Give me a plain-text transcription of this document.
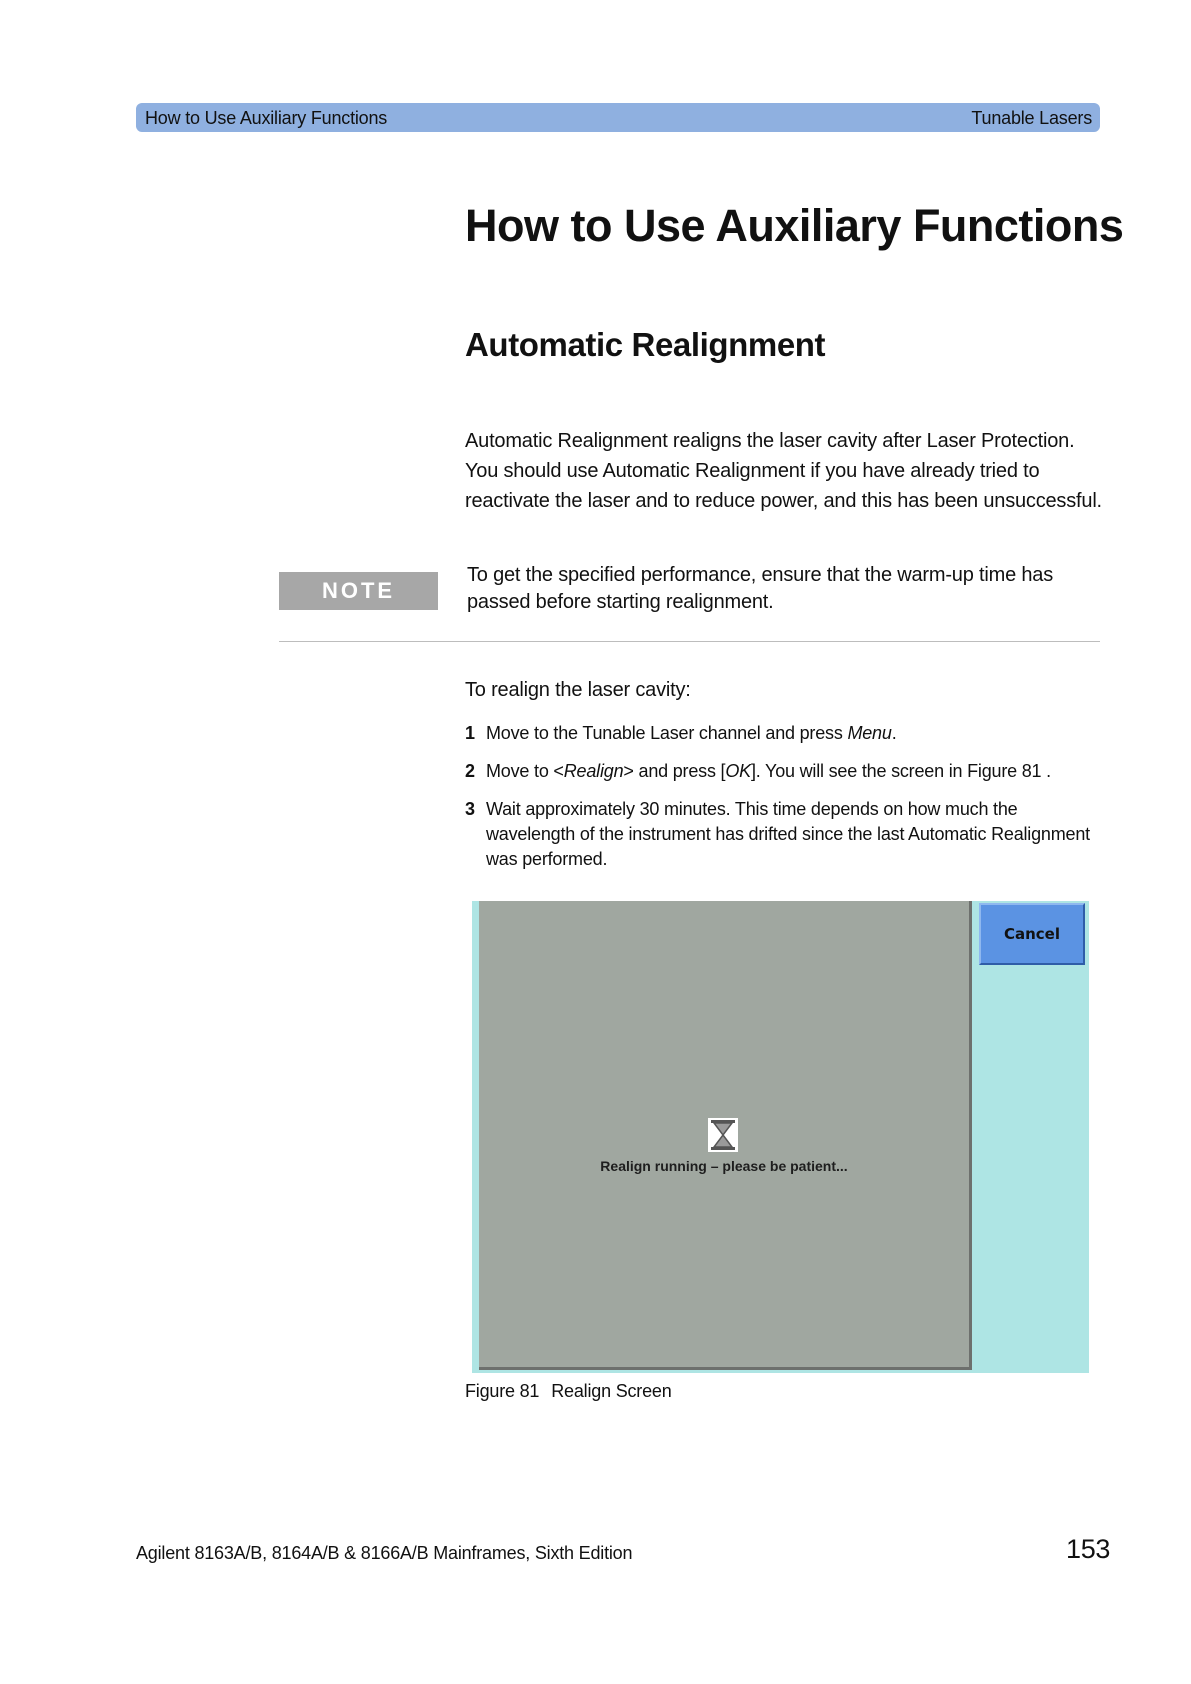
How to Use Auxiliary Functions	Tunable Lasers
How to Use Auxiliary Functions
Automatic Realignment

Automatic Realignment realigns the laser cavity after Laser Protection. You should use Automatic Realignment if you have already tried to reactivate the laser and to reduce power, and this has been unsuccessful.

NOTE

To get the specified performance, ensure that the warm-up time has passed before starting realignment.

To realign the laser cavity:

1 Move to the Tunable Laser channel and press Menu.
2 Move to <Realign> and press [OK]. You will see the screen in Figure 81 .
3 Wait approximately 30 minutes. This time depends on how much the wavelength of the instrument has drifted since the last Automatic Realignment was performed.
Realign running – please be patient...
Cancel
Figure 81 Realign Screen
Agilent 8163A/B, 8164A/B & 8166A/B Mainframes, Sixth Edition	153
